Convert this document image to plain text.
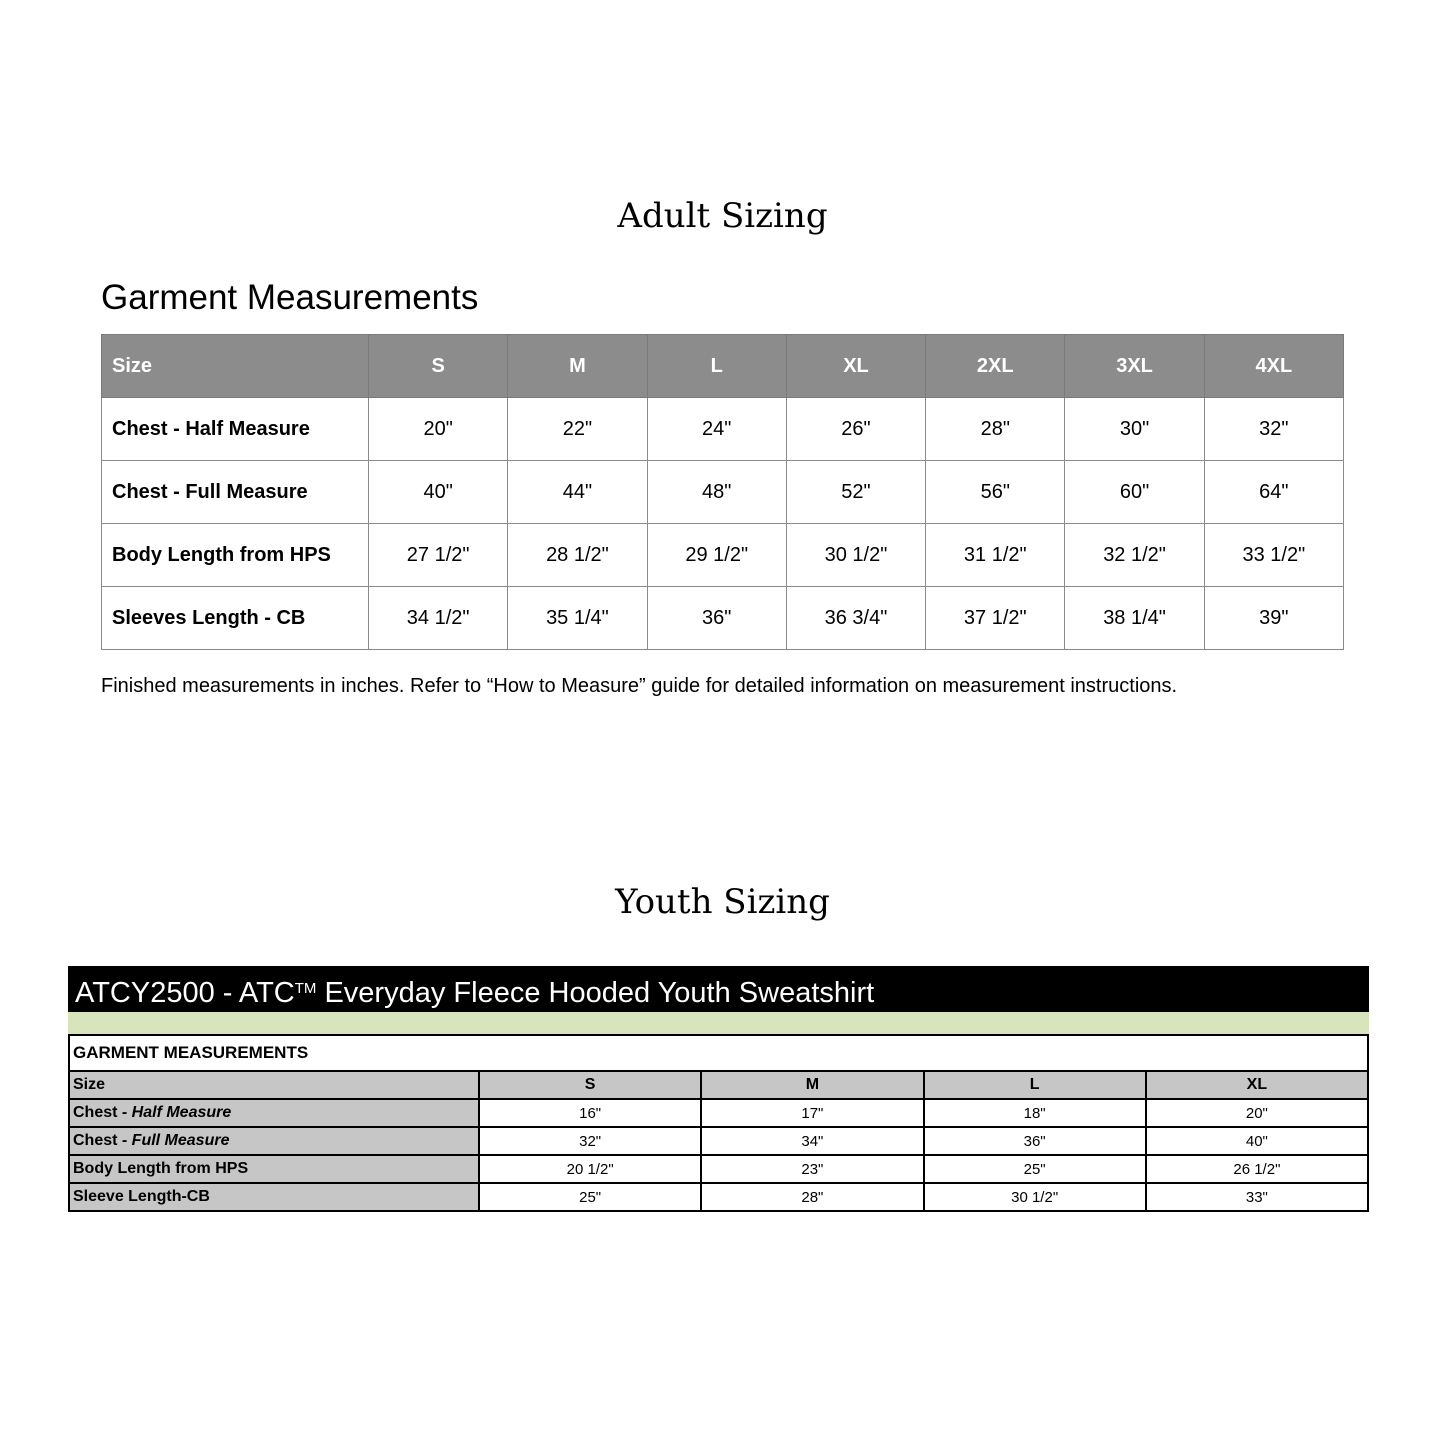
Adult Sizing
Garment Measurements
Size	S	M	L	XL	2XL	3XL	4XL
Chest - Half Measure	20"	22"	24"	26"	28"	30"	32"
Chest - Full Measure	40"	44"	48"	52"	56"	60"	64"
Body Length from HPS	27 1/2"	28 1/2"	29 1/2"	30 1/2"	31 1/2"	32 1/2"	33 1/2"
Sleeves Length - CB	34 1/2"	35 1/4"	36"	36 3/4"	37 1/2"	38 1/4"	39"

Finished measurements in inches. Refer to “How to Measure” guide for detailed information on measurement instructions.

Youth Sizing
ATCY2500 - ATC™ Everyday Fleece Hooded Youth Sweatshirt
GARMENT MEASUREMENTS				
Size	S	M	L	XL
Chest - Half Measure	16"	17"	18"	20"
Chest - Full Measure	32"	34"	36"	40"
Body Length from HPS	20 1/2"	23"	25"	26 1/2"
Sleeve Length-CB	25"	28"	30 1/2"	33"
